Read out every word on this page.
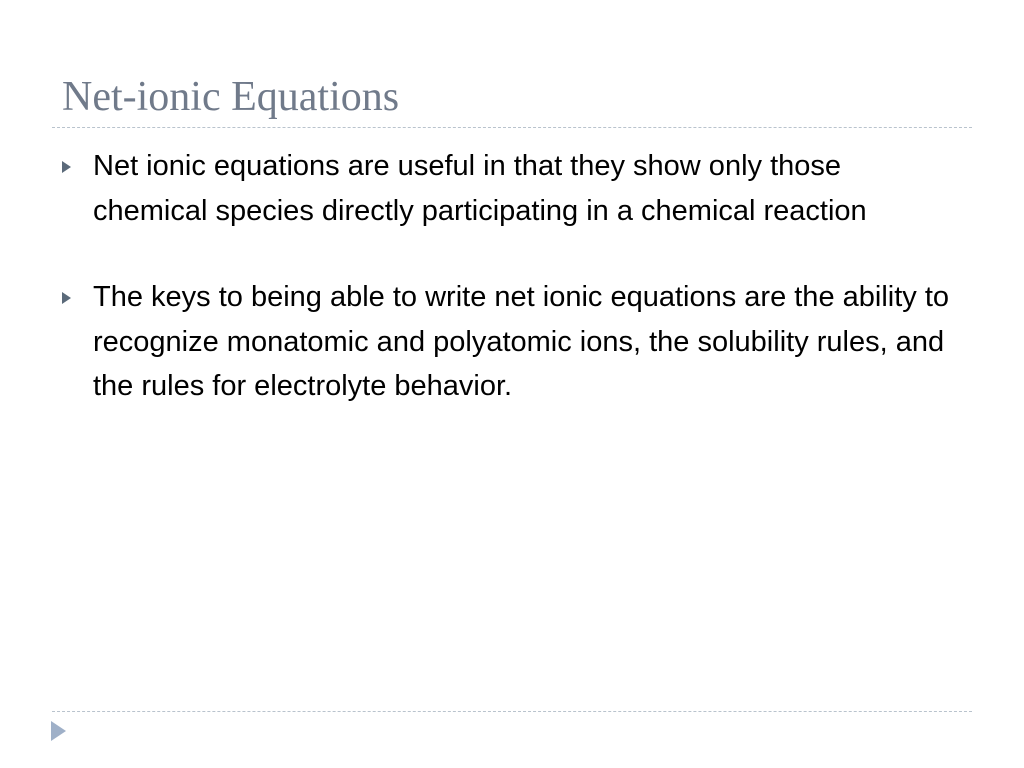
Net-ionic Equations
Net ionic equations are useful in that they show only those chemical species directly participating in a chemical reaction
The keys to being able to write net ionic equations are the ability to recognize monatomic and polyatomic ions, the solubility rules, and the rules for electrolyte behavior.
